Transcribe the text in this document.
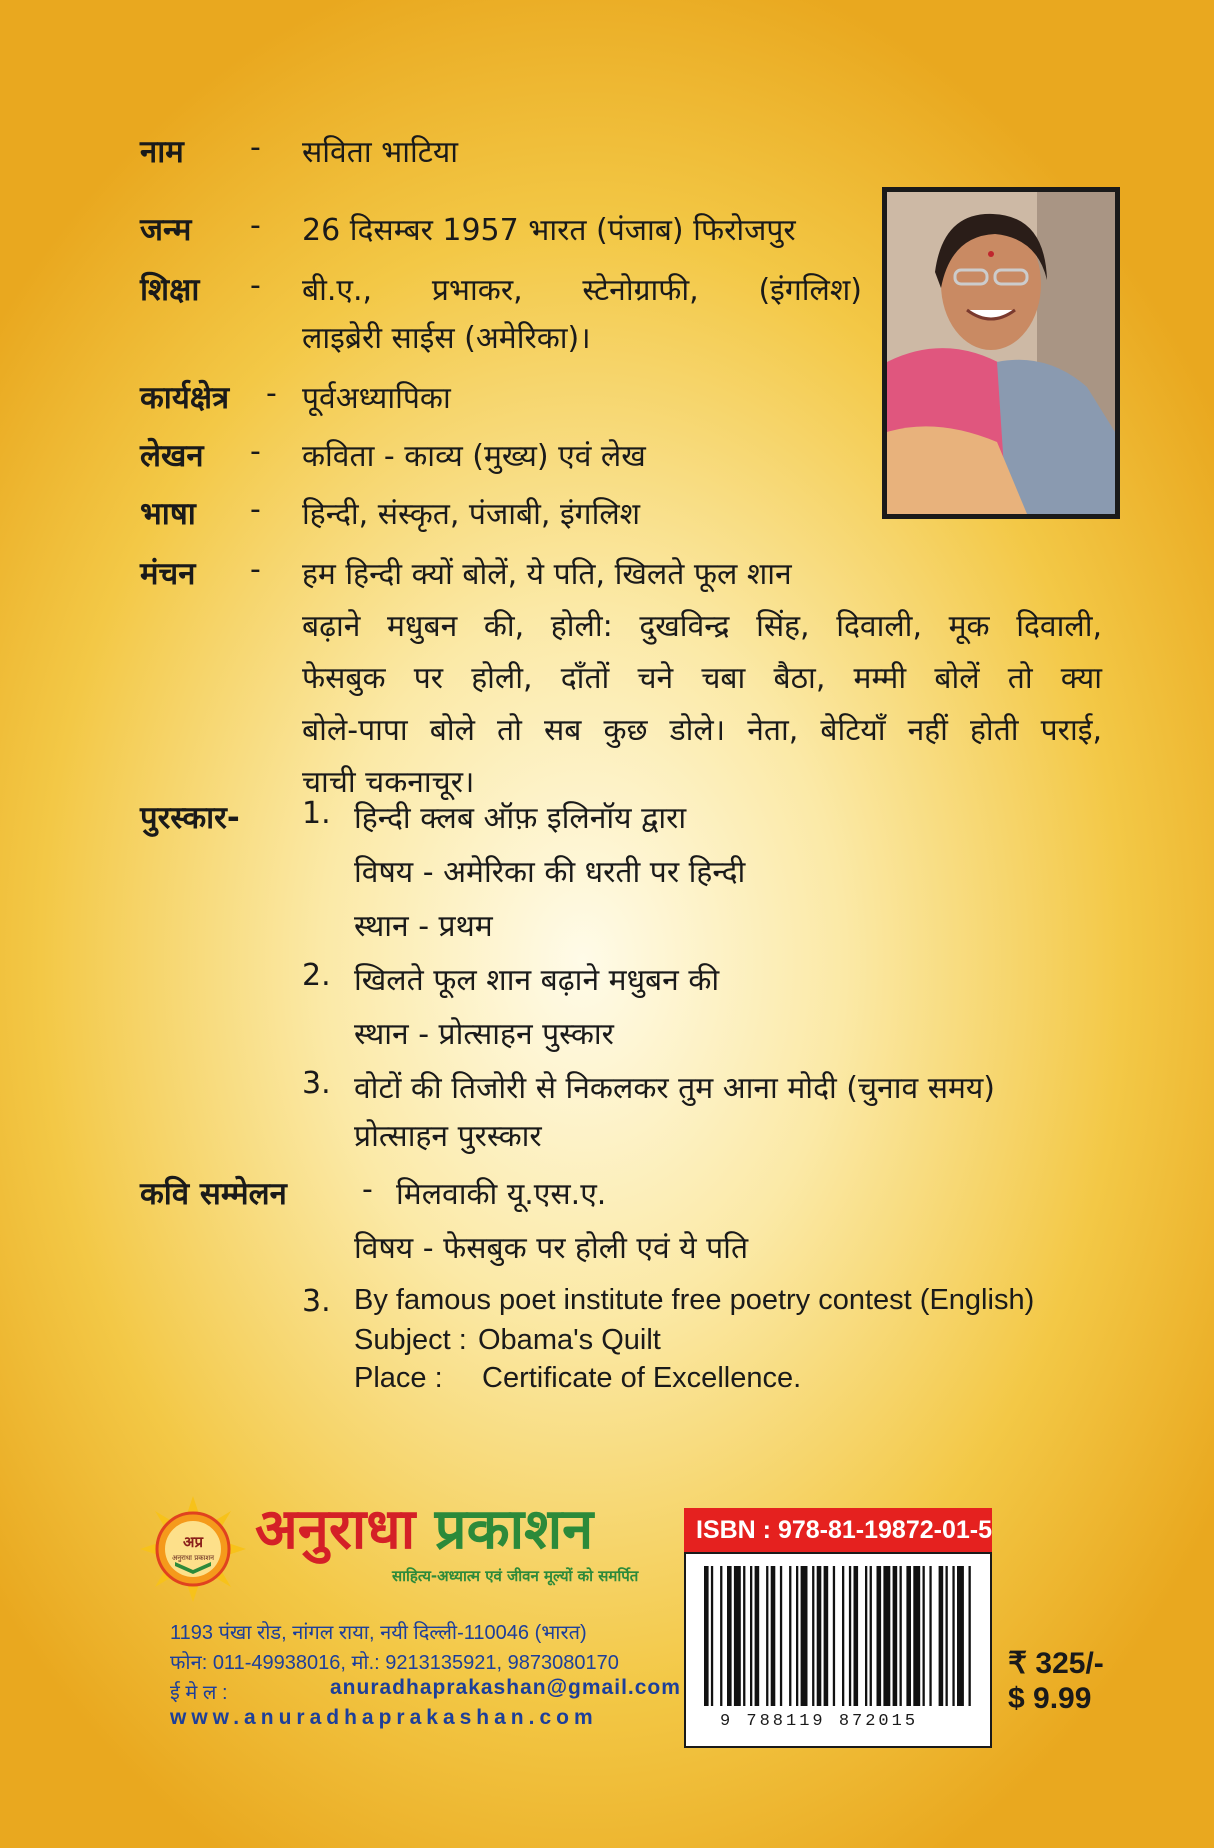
नाम - सविता भाटिया
जन्म - 26 दिसम्बर 1957 भारत (पंजाब) फिरोजपुर
शिक्षा - बी.ए., प्रभाकर, स्टेनोग्राफी, (इंगलिश)
लाइब्रेरी साईस (अमेरिका)।
कार्यक्षेत्र - पूर्वअध्यापिका
लेखन - कविता - काव्य (मुख्य) एवं लेख
भाषा - हिन्दी, संस्कृत, पंजाबी, इंगलिश
मंचन - हम हिन्दी क्यों बोलें, ये पति, खिलते फूल शान
बढ़ाने मधुबन की, होली: दुखविन्द्र सिंह, दिवाली, मूक दिवाली,
फेसबुक पर होली, दाँतों चने चबा बैठा, मम्मी बोलें तो क्या
बोले-पापा बोले तो सब कुछ डोले। नेता, बेटियाँ नहीं होती पराई,
चाची चकनाचूर।
पुरस्कार- 1. हिन्दी क्लब ऑफ़ इलिनॉय द्वारा
विषय - अमेरिका की धरती पर हिन्दी
स्थान - प्रथम
2. खिलते फूल शान बढ़ाने मधुबन की
स्थान - प्रोत्साहन पुस्कार
3. वोटों की तिजोरी से निकलकर तुम आना मोदी (चुनाव समय)
प्रोत्साहन पुरस्कार
कवि सम्मेलन	- मिलवाकी यू.एस.ए.
विषय - फेसबुक पर होली एवं ये पति
3. By famous poet institute free poetry contest (English)
Subject : Obama's Quilt
Place : Certificate of Excellence.
अप्र
अनुराधा प्रकाशन अनुराधा प्रकाशन
साहित्य-अध्यात्म एवं जीवन मूल्यों को समर्पित
1193 पंखा रोड, नांगल राया, नयी दिल्ली-110046 (भारत)
फोन: 011-49938016, मो.: 9213135921, 9873080170
ई मे ल :	anuradhaprakashan@gmail.com
www.anuradhaprakashan.com
ISBN : 978-81-19872-01-5
9 788119 872015
₹ 325/-
$ 9.99
